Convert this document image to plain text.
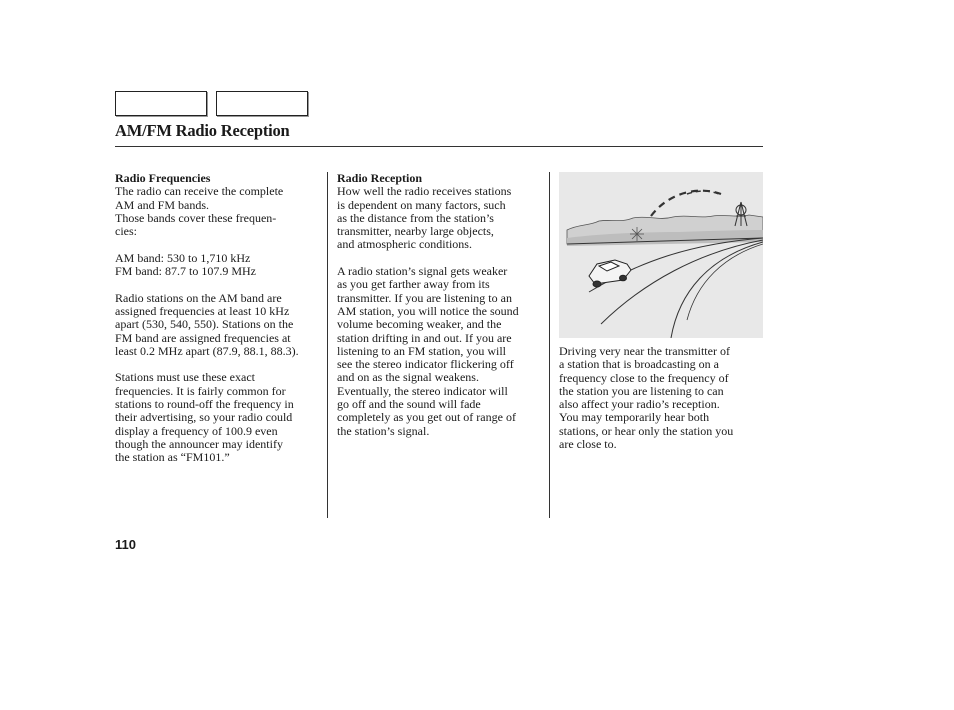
AM/FM Radio Reception
Radio Frequencies
The radio can receive the complete
AM and FM bands.
Those bands cover these frequen-
cies:
AM band: 530 to 1,710 kHz
FM band: 87.7 to 107.9 MHz
Radio stations on the AM band are
assigned frequencies at least 10 kHz
apart (530, 540, 550). Stations on the
FM band are assigned frequencies at
least 0.2 MHz apart (87.9, 88.1, 88.3).
Stations must use these exact
frequencies. It is fairly common for
stations to round-off the frequency in
their advertising, so your radio could
display a frequency of 100.9 even
though the announcer may identify
the station as “FM101.”
Radio Reception
How well the radio receives stations
is dependent on many factors, such
as the distance from the station’s
transmitter, nearby large objects,
and atmospheric conditions.
A radio station’s signal gets weaker
as you get farther away from its
transmitter. If you are listening to an
AM station, you will notice the sound
volume becoming weaker, and the
station drifting in and out. If you are
listening to an FM station, you will
see the stereo indicator flickering off
and on as the signal weakens.
Eventually, the stereo indicator will
go off and the sound will fade
completely as you get out of range of
the station’s signal.
Driving very near the transmitter of
a station that is broadcasting on a
frequency close to the frequency of
the station you are listening to can
also affect your radio’s reception.
You may temporarily hear both
stations, or hear only the station you
are close to.
110
